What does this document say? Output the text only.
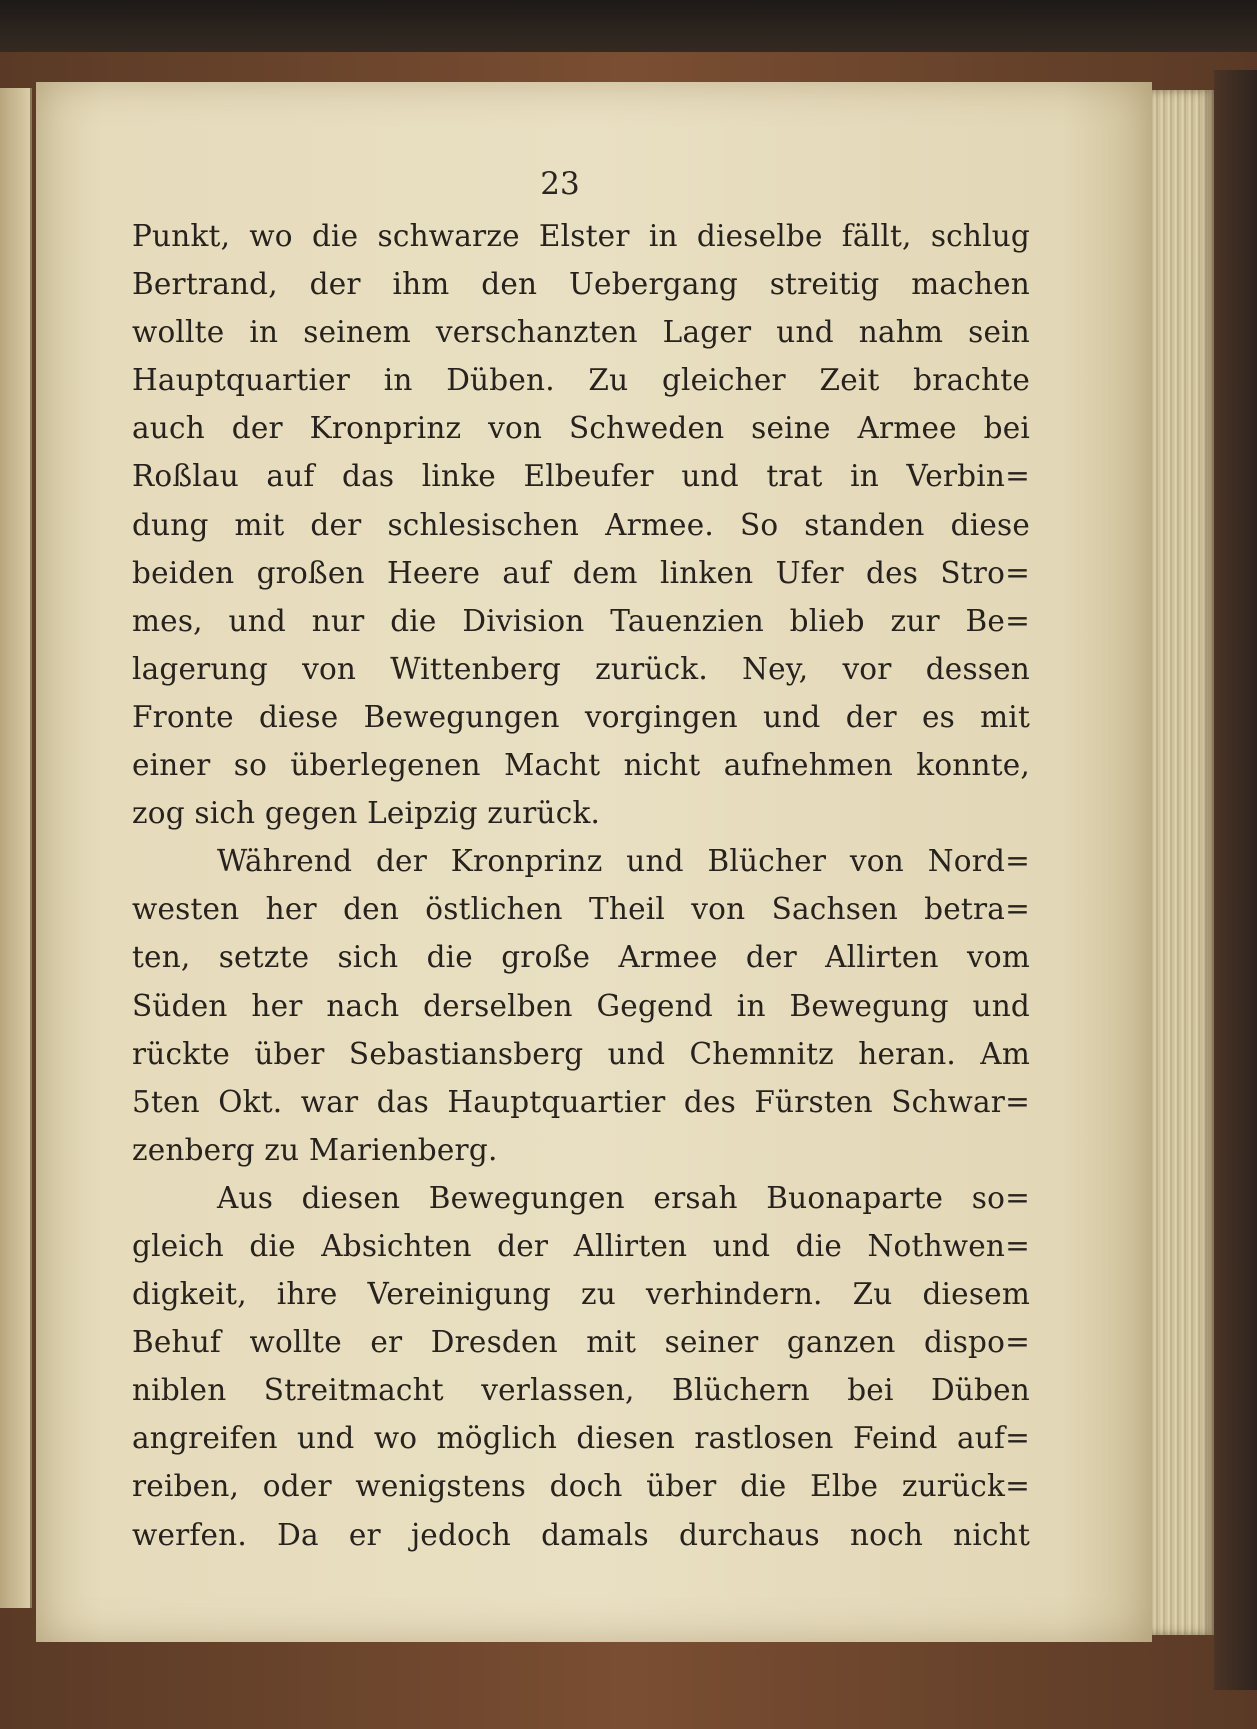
23
Punkt, wo die schwarze Elster in dieselbe fällt, schlug
Bertrand, der ihm den Uebergang streitig machen
wollte in seinem verschanzten Lager und nahm sein
Hauptquartier in Düben. Zu gleicher Zeit brachte
auch der Kronprinz von Schweden seine Armee bei
Roßlau auf das linke Elbeufer und trat in Verbin=
dung mit der schlesischen Armee. So standen diese
beiden großen Heere auf dem linken Ufer des Stro=
mes, und nur die Division Tauenzien blieb zur Be=
lagerung von Wittenberg zurück. Ney, vor dessen
Fronte diese Bewegungen vorgingen und der es mit
einer so überlegenen Macht nicht aufnehmen konnte,
zog sich gegen Leipzig zurück.
Während der Kronprinz und Blücher von Nord=
westen her den östlichen Theil von Sachsen betra=
ten, setzte sich die große Armee der Allirten vom
Süden her nach derselben Gegend in Bewegung und
rückte über Sebastiansberg und Chemnitz heran. Am
5ten Okt. war das Hauptquartier des Fürsten Schwar=
zenberg zu Marienberg.
Aus diesen Bewegungen ersah Buonaparte so=
gleich die Absichten der Allirten und die Nothwen=
digkeit, ihre Vereinigung zu verhindern. Zu diesem
Behuf wollte er Dresden mit seiner ganzen dispo=
niblen Streitmacht verlassen, Blüchern bei Düben
angreifen und wo möglich diesen rastlosen Feind auf=
reiben, oder wenigstens doch über die Elbe zurück=
werfen. Da er jedoch damals durchaus noch nicht
